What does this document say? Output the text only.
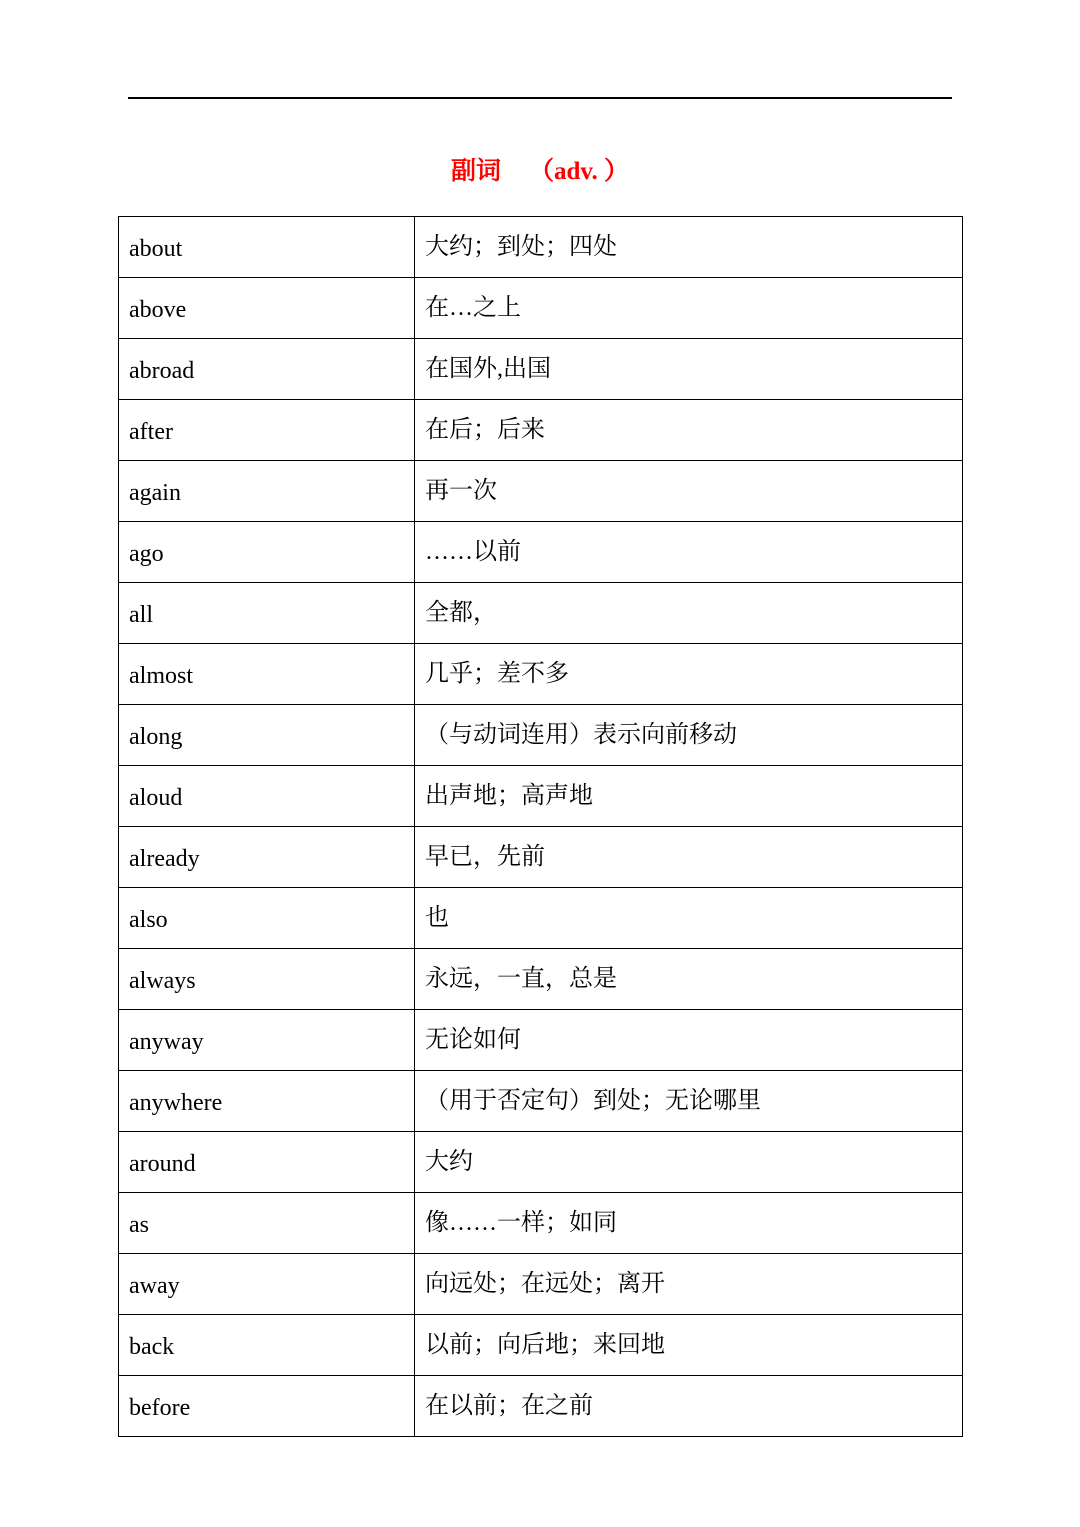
副词 （adv. ）
about	大约；到处；四处
above	在…之上
abroad	在国外,出国
after	在后；后来
again	再一次
ago	……以前
all	全都，
almost	几乎；差不多
along	（与动词连用）表示向前移动
aloud	出声地；高声地
already	早已，先前
also	也
always	永远，一直，总是
anyway	无论如何
anywhere	（用于否定句）到处；无论哪里
around	大约
as	像……一样；如同
away	向远处；在远处；离开
back	以前；向后地；来回地
before	在以前；在之前
